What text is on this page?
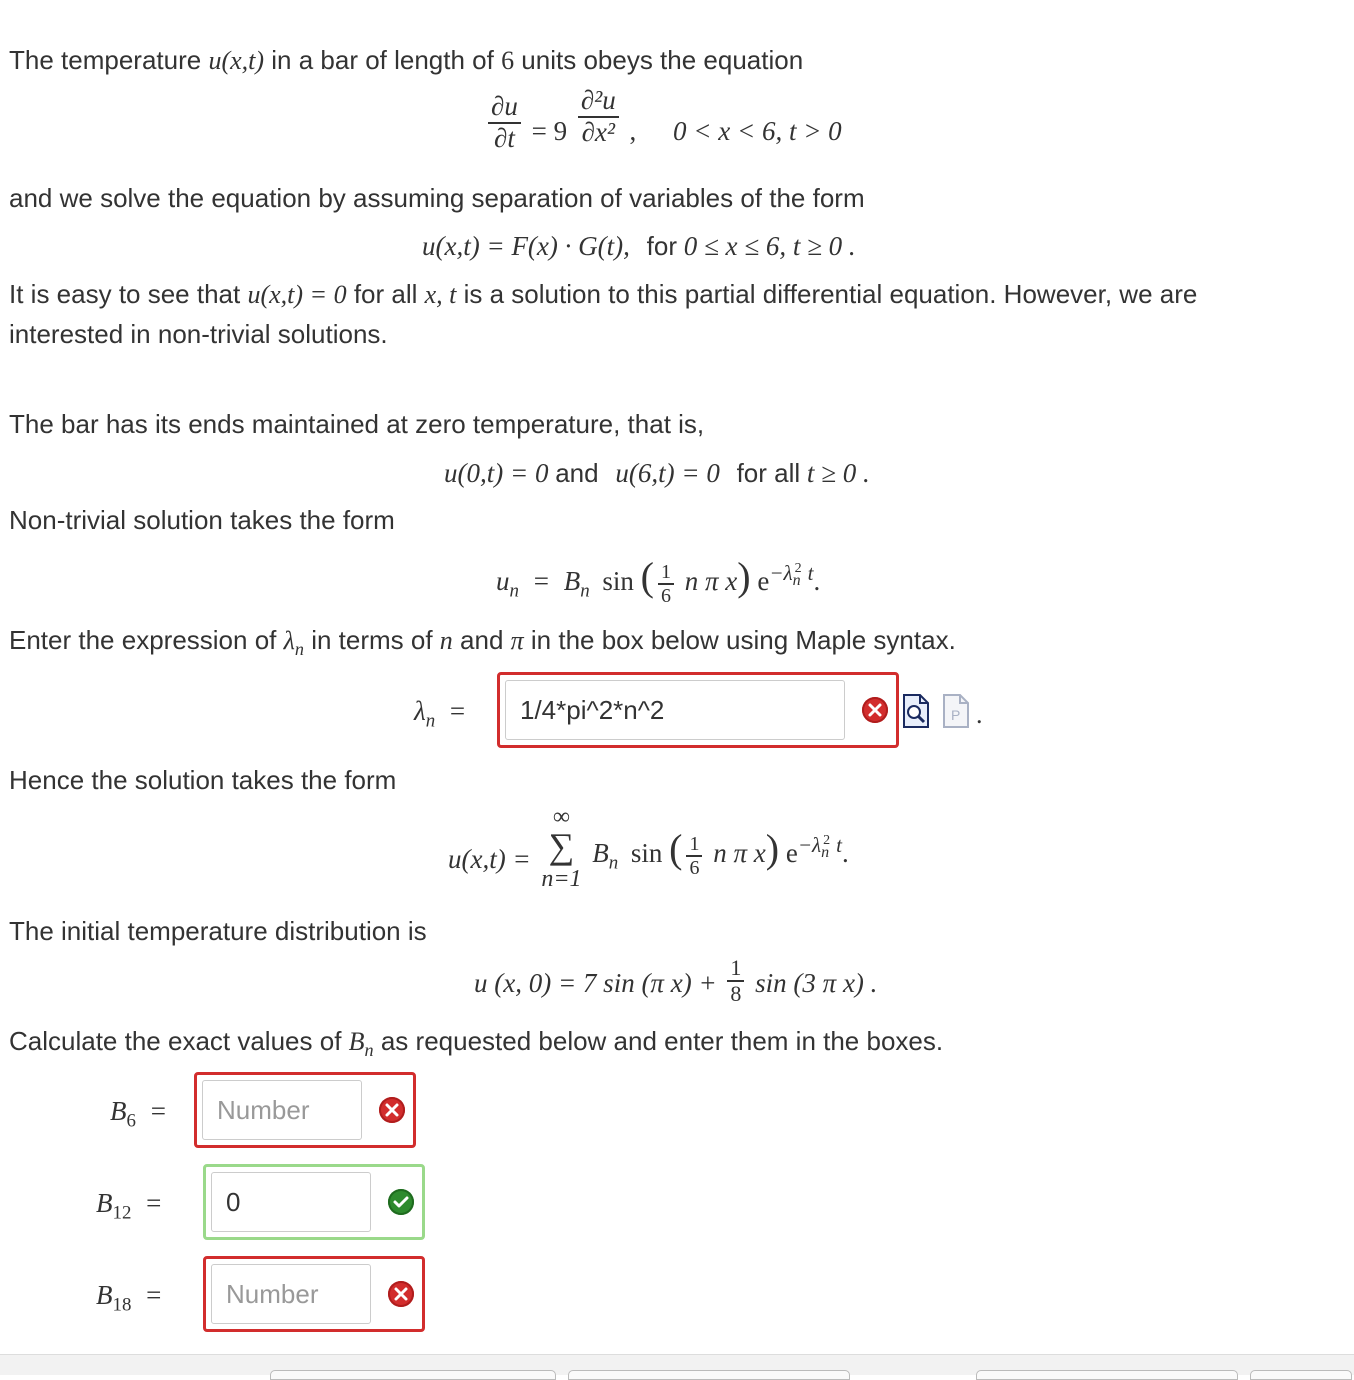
The temperature u(x,t) in a bar of length of 6 units obeys the equation
$\frac{\partial u}{\partial t} = 9 \frac{\text{∂²u}}{\text{∂x²}}$ , 0 < x < 6, t > 0
and we solve the equation by assuming separation of variables of the form
u(x,t) = F(x) · G(t), for 0 ≤ x ≤ 6, t ≥ 0 .
It is easy to see that u(x,t) = 0 for all x, t is a solution to this partial differential equation. However, we are
interested in non-trivial solutions.
The bar has its ends maintained at zero temperature, that is,
u(0,t) = 0 and u(6,t) = 0 for all t ≥ 0 .
Non-trivial solution takes the form
$u_n = B_n$ sin ( $\frac{1}{6}$ n π x) $e^{-\lambda_n^2 t}$.
Enter the expression of $\lambda_n$ in terms of n and π in the box below using Maple syntax.
$\lambda_n$ =
1/4*pi^2*n^2	P .
Hence the solution takes the form
u(x,t) =
∞
∑
n=1
$B_n$ sin ( $\frac{1}{6}$ n π x) $e^{-\lambda_n^2 t}$.
The initial temperature distribution is
u (x, 0) = 7 sin (π $x) + \frac{1}{8}$ sin (3 π x) .
Calculate the exact values of $B_n$ as requested below and enter them in the boxes.
$B_6$ =
Number
$B_{12}$ =
0
$B_{18}$ =
Number
